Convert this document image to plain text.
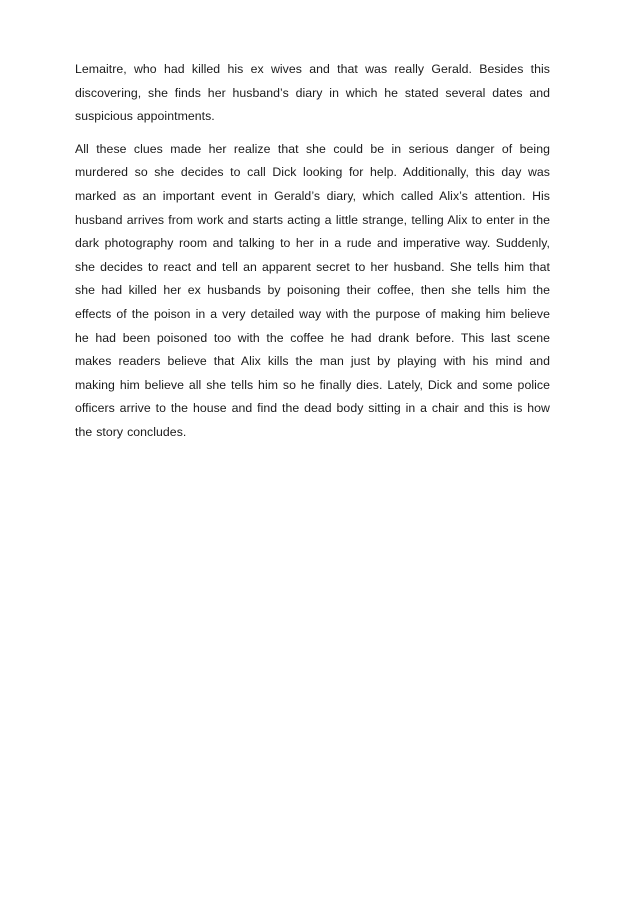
Lemaitre, who had killed his ex wives and that was really Gerald. Besides this discovering, she finds her husband’s diary in which he stated several dates and suspicious appointments.

All these clues made her realize that she could be in serious danger of being murdered so she decides to call Dick looking for help. Additionally, this day was marked as an important event in Gerald’s diary, which called Alix’s attention. His husband arrives from work and starts acting a little strange, telling Alix to enter in the dark photography room and talking to her in a rude and imperative way. Suddenly, she decides to react and tell an apparent secret to her husband. She tells him that she had killed her ex husbands by poisoning their coffee, then she tells him the effects of the poison in a very detailed way with the purpose of making him believe he had been poisoned too with the coffee he had drank before. This last scene makes readers believe that Alix kills the man just by playing with his mind and making him believe all she tells him so he finally dies. Lately, Dick and some police officers arrive to the house and find the dead body sitting in a chair and this is how the story concludes.
